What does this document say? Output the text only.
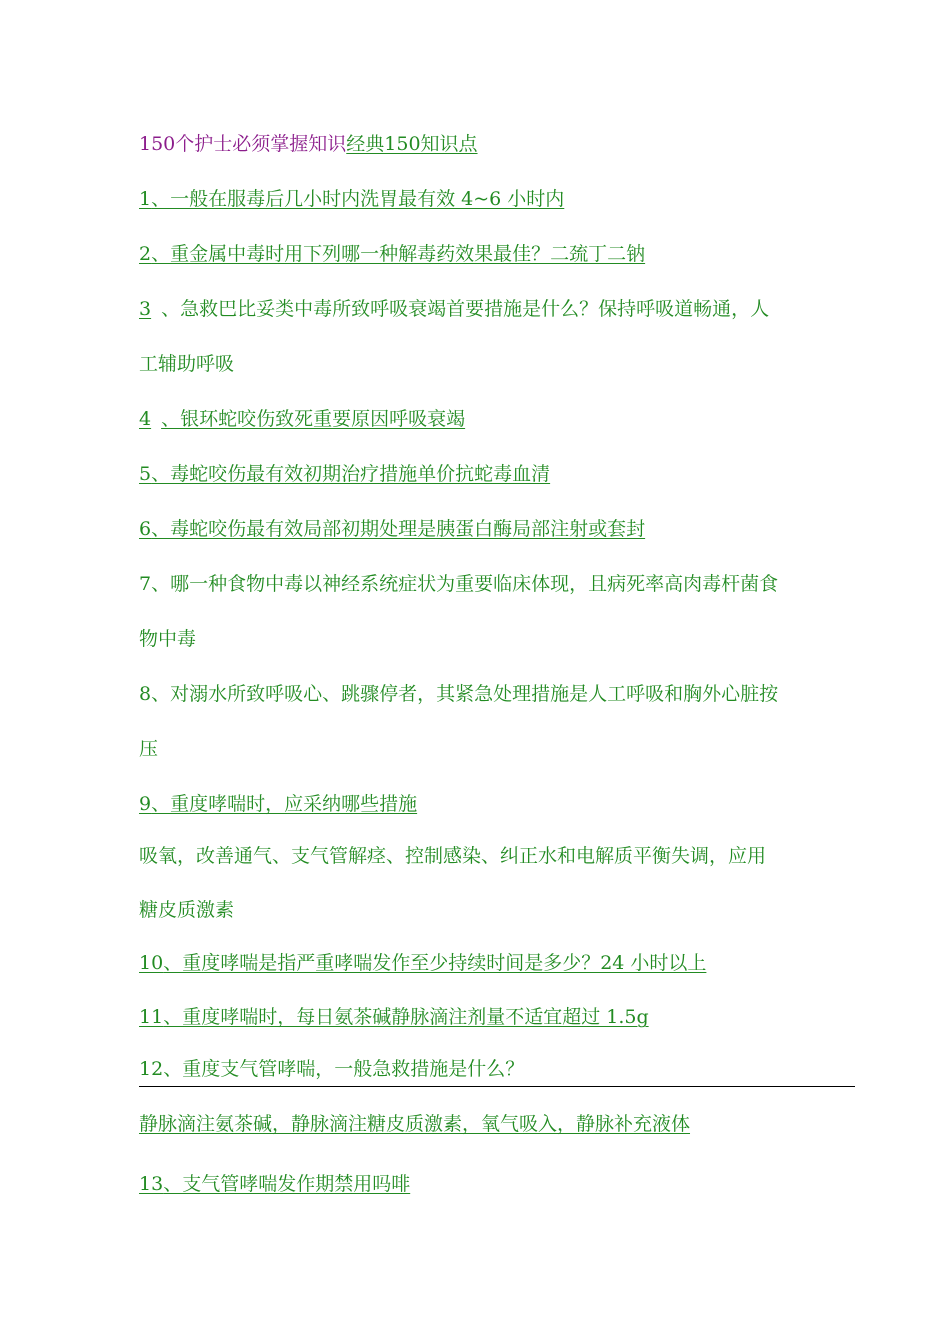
150个护士必须掌握知识经典150知识点
1、一般在服毒后几小时内洗胃最有效 4~6 小时内
2、重金属中毒时用下列哪一种解毒药效果最佳？二巯丁二钠
3 、急救巴比妥类中毒所致呼吸衰竭首要措施是什么？保持呼吸道畅通，人
工辅助呼吸
4 、银环蛇咬伤致死重要原因呼吸衰竭
5、毒蛇咬伤最有效初期治疗措施单价抗蛇毒血清
6、毒蛇咬伤最有效局部初期处理是胰蛋白酶局部注射或套封
7、哪一种食物中毒以神经系统症状为重要临床体现，且病死率高肉毒杆菌食
物中毒
8、对溺水所致呼吸心、跳骤停者，其紧急处理措施是人工呼吸和胸外心脏按
压
9、重度哮喘时，应采纳哪些措施
吸氧，改善通气、支气管解痉、控制感染、纠正水和电解质平衡失调，应用
糖皮质激素
10、重度哮喘是指严重哮喘发作至少持续时间是多少？24 小时以上
11、重度哮喘时，每日氨茶碱静脉滴注剂量不适宜超过 1.5g
12、重度支气管哮喘，一般急救措施是什么？
静脉滴注氨茶碱，静脉滴注糖皮质激素，氧气吸入，静脉补充液体
13、支气管哮喘发作期禁用吗啡
